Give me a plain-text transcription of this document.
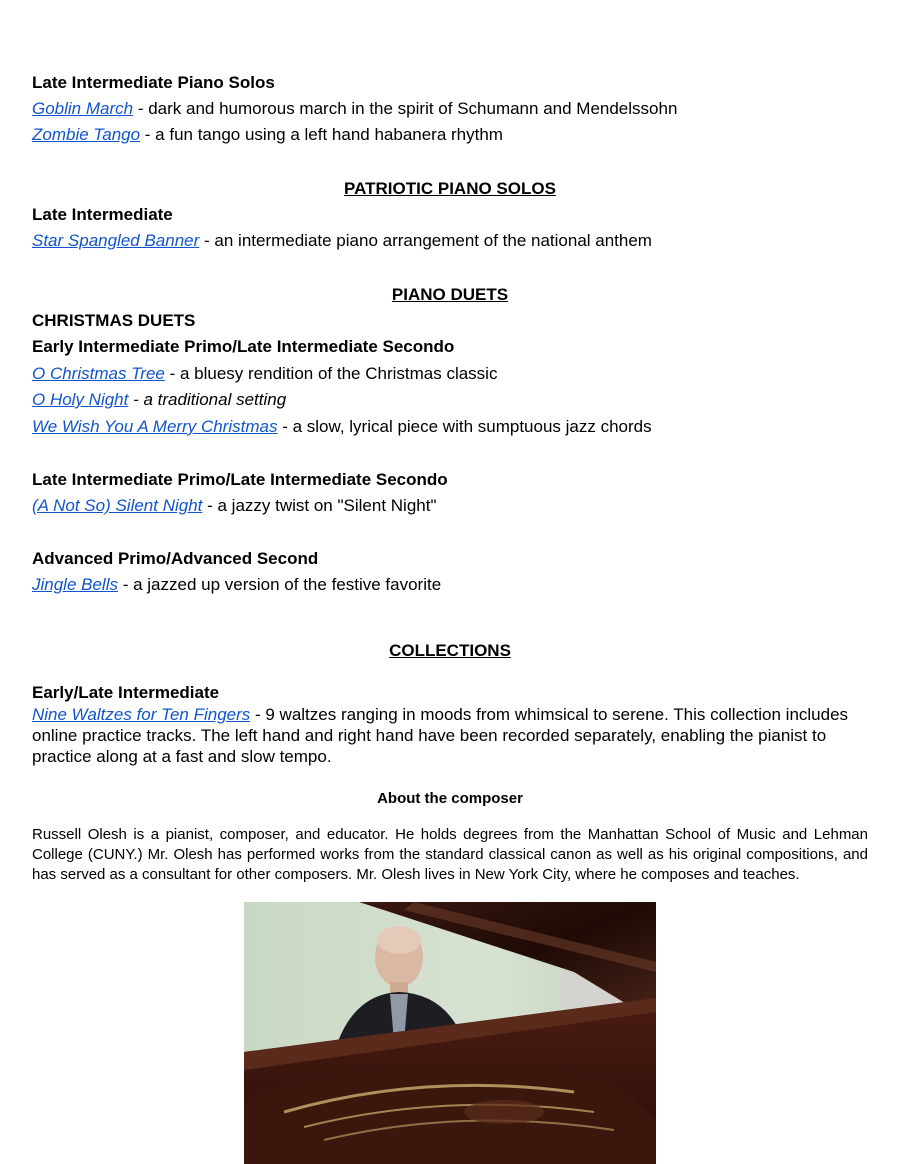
Late Intermediate Piano Solos
Goblin March - dark and humorous march in the spirit of Schumann and Mendelssohn
Zombie Tango - a fun tango using a left hand habanera rhythm
PATRIOTIC PIANO SOLOS
Late Intermediate
Star Spangled Banner - an intermediate piano arrangement of the national anthem
PIANO DUETS
CHRISTMAS DUETS
Early Intermediate Primo/Late Intermediate Secondo
O Christmas Tree - a bluesy rendition of the Christmas classic
O Holy Night - a traditional setting
We Wish You A Merry Christmas - a slow, lyrical piece with sumptuous jazz chords
Late Intermediate Primo/Late Intermediate Secondo
(A Not So) Silent Night - a jazzy twist on "Silent Night"
Advanced Primo/Advanced Second
Jingle Bells - a jazzed up version of the festive favorite
COLLECTIONS
Early/Late Intermediate
Nine Waltzes for Ten Fingers - 9 waltzes ranging in moods from whimsical to serene. This collection includes online practice tracks. The left hand and right hand have been recorded separately, enabling the pianist to practice along at a fast and slow tempo.
About the composer
Russell Olesh is a pianist, composer, and educator. He holds degrees from the Manhattan School of Music and Lehman College (CUNY.) Mr. Olesh has performed works from the standard classical canon as well as his original compositions, and has served as a consultant for other composers. Mr. Olesh lives in New York City, where he composes and teaches.
